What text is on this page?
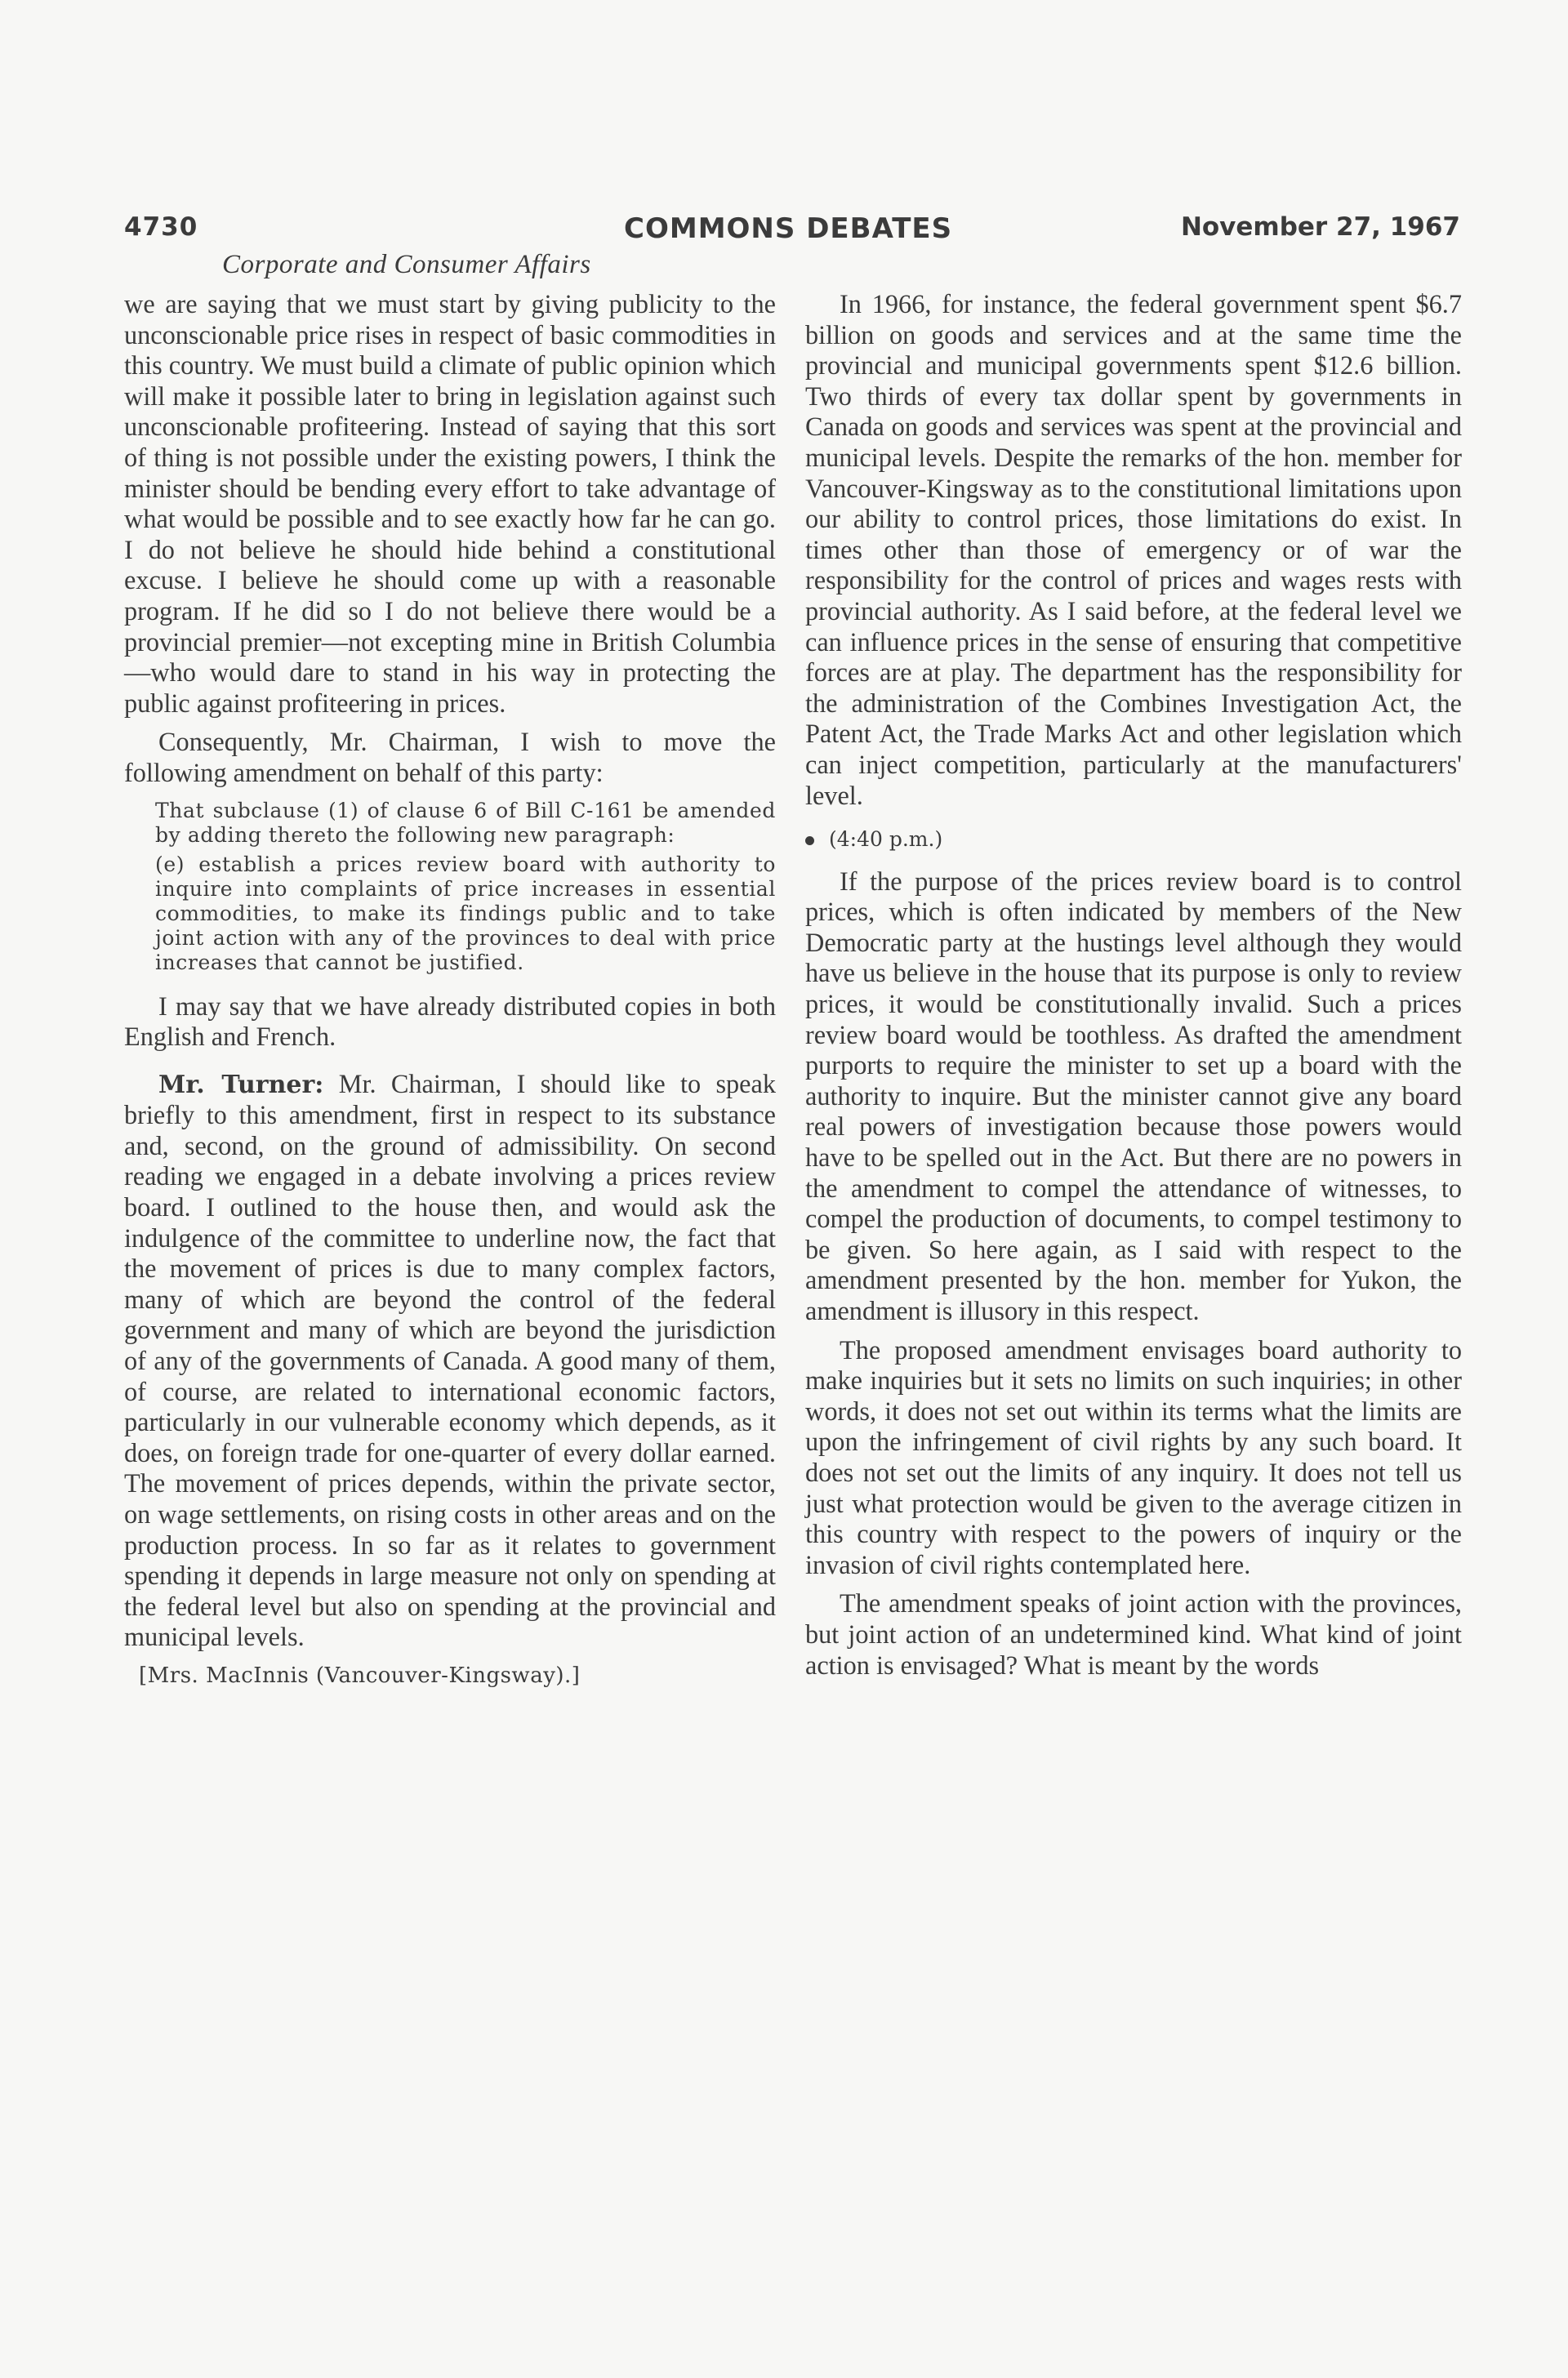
4730	COMMONS DEBATES	November 27, 1967
Corporate and Consumer Affairs

we are saying that we must start by giving publicity to the unconscionable price rises in respect of basic commodities in this country. We must build a climate of public opinion which will make it possible later to bring in legislation against such unconscionable profiteering. Instead of saying that this sort of thing is not possible under the existing powers, I think the minister should be bending every effort to take advantage of what would be possible and to see exactly how far he can go. I do not believe he should hide behind a constitutional excuse. I believe he should come up with a reasonable program. If he did so I do not believe there would be a provincial premier—not excepting mine in British Columbia—who would dare to stand in his way in protecting the public against profiteering in prices.

Consequently, Mr. Chairman, I wish to move the following amendment on behalf of this party:

That subclause (1) of clause 6 of Bill C-161 be amended by adding thereto the following new paragraph:

(e) establish a prices review board with authority to inquire into complaints of price increases in essential commodities, to make its findings public and to take joint action with any of the provinces to deal with price increases that cannot be justified.

I may say that we have already distributed copies in both English and French.

Mr. Turner: Mr. Chairman, I should like to speak briefly to this amendment, first in respect to its substance and, second, on the ground of admissibility. On second reading we engaged in a debate involving a prices review board. I outlined to the house then, and would ask the indulgence of the committee to underline now, the fact that the movement of prices is due to many complex factors, many of which are beyond the control of the federal government and many of which are beyond the jurisdiction of any of the governments of Canada. A good many of them, of course, are related to international economic factors, particularly in our vulnerable economy which depends, as it does, on foreign trade for one-quarter of every dollar earned. The movement of prices depends, within the private sector, on wage settlements, on rising costs in other areas and on the production process. In so far as it relates to government spending it depends in large measure not only on spending at the federal level but also on spending at the provincial and municipal levels.

[Mrs. MacInnis (Vancouver-Kingsway).]

In 1966, for instance, the federal government spent $6.7 billion on goods and services and at the same time the provincial and municipal governments spent $12.6 billion. Two thirds of every tax dollar spent by governments in Canada on goods and services was spent at the provincial and municipal levels. Despite the remarks of the hon. member for Vancouver-Kingsway as to the constitutional limitations upon our ability to control prices, those limitations do exist. In times other than those of emergency or of war the responsibility for the control of prices and wages rests with provincial authority. As I said before, at the federal level we can influence prices in the sense of ensuring that competitive forces are at play. The department has the responsibility for the administration of the Combines Investigation Act, the Patent Act, the Trade Marks Act and other legislation which can inject competition, particularly at the manufacturers' level.

(4:40 p.m.)

If the purpose of the prices review board is to control prices, which is often indicated by members of the New Democratic party at the hustings level although they would have us believe in the house that its purpose is only to review prices, it would be constitutionally invalid. Such a prices review board would be toothless. As drafted the amendment purports to require the minister to set up a board with the authority to inquire. But the minister cannot give any board real powers of investigation because those powers would have to be spelled out in the Act. But there are no powers in the amendment to compel the attendance of witnesses, to compel the production of documents, to compel testimony to be given. So here again, as I said with respect to the amendment presented by the hon. member for Yukon, the amendment is illusory in this respect.

The proposed amendment envisages board authority to make inquiries but it sets no limits on such inquiries; in other words, it does not set out within its terms what the limits are upon the infringement of civil rights by any such board. It does not set out the limits of any inquiry. It does not tell us just what protection would be given to the average citizen in this country with respect to the powers of inquiry or the invasion of civil rights contemplated here.

The amendment speaks of joint action with the provinces, but joint action of an undetermined kind. What kind of joint action is envisaged? What is meant by the words
